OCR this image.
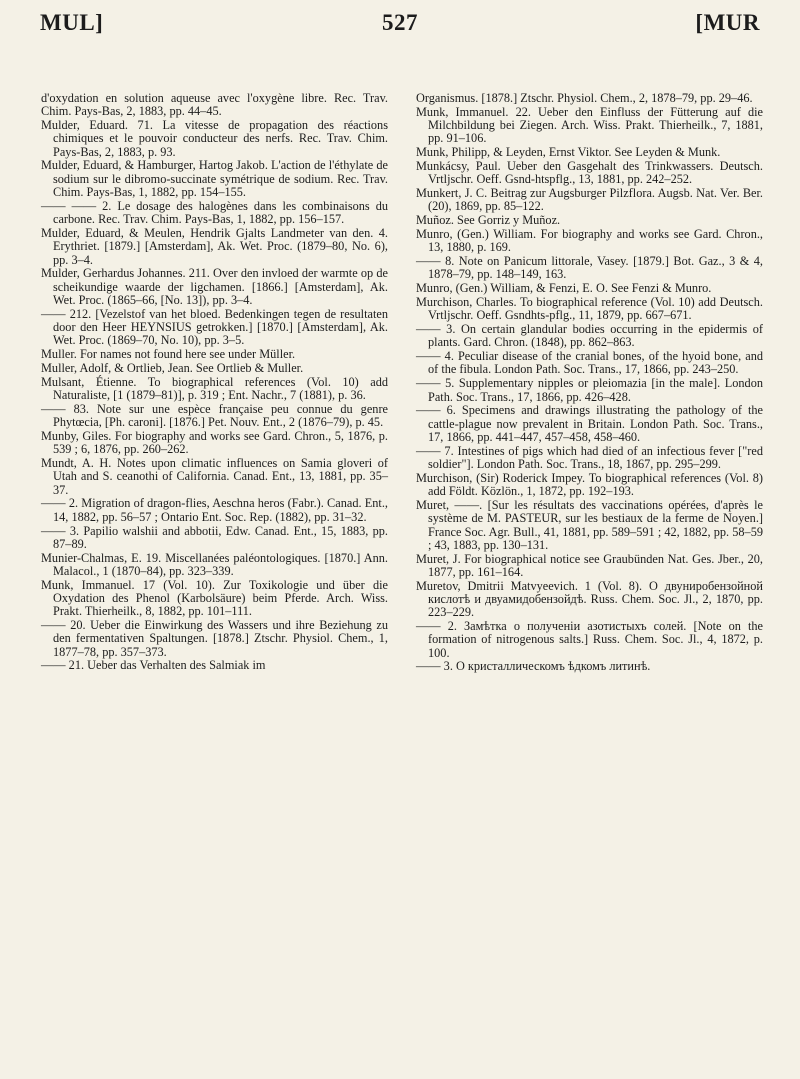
MUL]	527	[MUR

d'oxydation en solution aqueuse avec l'oxygène libre. Rec. Trav. Chim. Pays-Bas, 2, 1883, pp. 44–45.

Mulder, Eduard. 71. La vitesse de propagation des réactions chimiques et le pouvoir conducteur des nerfs. Rec. Trav. Chim. Pays-Bas, 2, 1883, p. 93.

Mulder, Eduard, & Hamburger, Hartog Jakob. L'action de l'éthylate de sodium sur le dibromo-succinate symétrique de sodium. Rec. Trav. Chim. Pays-Bas, 1, 1882, pp. 154–155.

—— —— 2. Le dosage des halogènes dans les combinaisons du carbone. Rec. Trav. Chim. Pays-Bas, 1, 1882, pp. 156–157.

Mulder, Eduard, & Meulen, Hendrik Gjalts Landmeter van den. 4. Erythriet. [1879.] [Amsterdam], Ak. Wet. Proc. (1879–80, No. 6), pp. 3–4.

Mulder, Gerhardus Johannes. 211. Over den invloed der warmte op de scheikundige waarde der ligchamen. [1866.] [Amsterdam], Ak. Wet. Proc. (1865–66, [No. 13]), pp. 3–4.

—— 212. [Vezelstof van het bloed. Bedenkingen tegen de resultaten door den Heer HEYNSIUS getrokken.] [1870.] [Amsterdam], Ak. Wet. Proc. (1869–70, No. 10), pp. 3–5.

Muller. For names not found here see under Müller.

Muller, Adolf, & Ortlieb, Jean. See Ortlieb & Muller.

Mulsant, Étienne. To biographical references (Vol. 10) add Naturaliste, [1 (1879–81)], p. 319 ; Ent. Nachr., 7 (1881), p. 36.

—— 83. Note sur une espèce française peu connue du genre Phytœcia, [Ph. caroni]. [1876.] Pet. Nouv. Ent., 2 (1876–79), p. 45.

Munby, Giles. For biography and works see Gard. Chron., 5, 1876, p. 539 ; 6, 1876, pp. 260–262.

Mundt, A. H. Notes upon climatic influences on Samia gloveri of Utah and S. ceanothi of California. Canad. Ent., 13, 1881, pp. 35–37.

—— 2. Migration of dragon-flies, Aeschna heros (Fabr.). Canad. Ent., 14, 1882, pp. 56–57 ; Ontario Ent. Soc. Rep. (1882), pp. 31–32.

—— 3. Papilio walshii and abbotii, Edw. Canad. Ent., 15, 1883, pp. 87–89.

Munier-Chalmas, E. 19. Miscellanées paléontologiques. [1870.] Ann. Malacol., 1 (1870–84), pp. 323–339.

Munk, Immanuel. 17 (Vol. 10). Zur Toxikologie und über die Oxydation des Phenol (Karbolsäure) beim Pferde. Arch. Wiss. Prakt. Thierheilk., 8, 1882, pp. 101–111.

—— 20. Ueber die Einwirkung des Wassers und ihre Beziehung zu den fermentativen Spaltungen. [1878.] Ztschr. Physiol. Chem., 1, 1877–78, pp. 357–373.

—— 21. Ueber das Verhalten des Salmiak im

Organismus. [1878.] Ztschr. Physiol. Chem., 2, 1878–79, pp. 29–46.

Munk, Immanuel. 22. Ueber den Einfluss der Fütterung auf die Milchbildung bei Ziegen. Arch. Wiss. Prakt. Thierheilk., 7, 1881, pp. 91–106.

Munk, Philipp, & Leyden, Ernst Viktor. See Leyden & Munk.

Munkácsy, Paul. Ueber den Gasgehalt des Trinkwassers. Deutsch. Vrtljschr. Oeff. Gsnd-htspflg., 13, 1881, pp. 242–252.

Munkert, J. C. Beitrag zur Augsburger Pilzflora. Augsb. Nat. Ver. Ber. (20), 1869, pp. 85–122.

Muñoz. See Gorriz y Muñoz.

Munro, (Gen.) William. For biography and works see Gard. Chron., 13, 1880, p. 169.

—— 8. Note on Panicum littorale, Vasey. [1879.] Bot. Gaz., 3 & 4, 1878–79, pp. 148–149, 163.

Munro, (Gen.) William, & Fenzi, E. O. See Fenzi & Munro.

Murchison, Charles. To biographical reference (Vol. 10) add Deutsch. Vrtljschr. Oeff. Gsndhts-pflg., 11, 1879, pp. 667–671.

—— 3. On certain glandular bodies occurring in the epidermis of plants. Gard. Chron. (1848), pp. 862–863.

—— 4. Peculiar disease of the cranial bones, of the hyoid bone, and of the fibula. London Path. Soc. Trans., 17, 1866, pp. 243–250.

—— 5. Supplementary nipples or pleiomazia [in the male]. London Path. Soc. Trans., 17, 1866, pp. 426–428.

—— 6. Specimens and drawings illustrating the pathology of the cattle-plague now prevalent in Britain. London Path. Soc. Trans., 17, 1866, pp. 441–447, 457–458, 458–460.

—— 7. Intestines of pigs which had died of an infectious fever ["red soldier"]. London Path. Soc. Trans., 18, 1867, pp. 295–299.

Murchison, (Sir) Roderick Impey. To biographical references (Vol. 8) add Földt. Közlön., 1, 1872, pp. 192–193.

Muret, ——. [Sur les résultats des vaccinations opérées, d'après le système de M. PASTEUR, sur les bestiaux de la ferme de Noyen.] France Soc. Agr. Bull., 41, 1881, pp. 589–591 ; 42, 1882, pp. 58–59 ; 43, 1883, pp. 130–131.

Muret, J. For biographical notice see Graubünden Nat. Ges. Jber., 20, 1877, pp. 161–164.

Muretov, Dmitrii Matvyeevich. 1 (Vol. 8). О двуниробензойной кислотѣ и двуамидобензойдѣ. Russ. Chem. Soc. Jl., 2, 1870, pp. 223–229.

—— 2. Замѣтка о полученіи азотистыхъ солей. [Note on the formation of nitrogenous salts.] Russ. Chem. Soc. Jl., 4, 1872, p. 100.

—— 3. О кристаллическомъ ѣдкомъ литинѣ.
